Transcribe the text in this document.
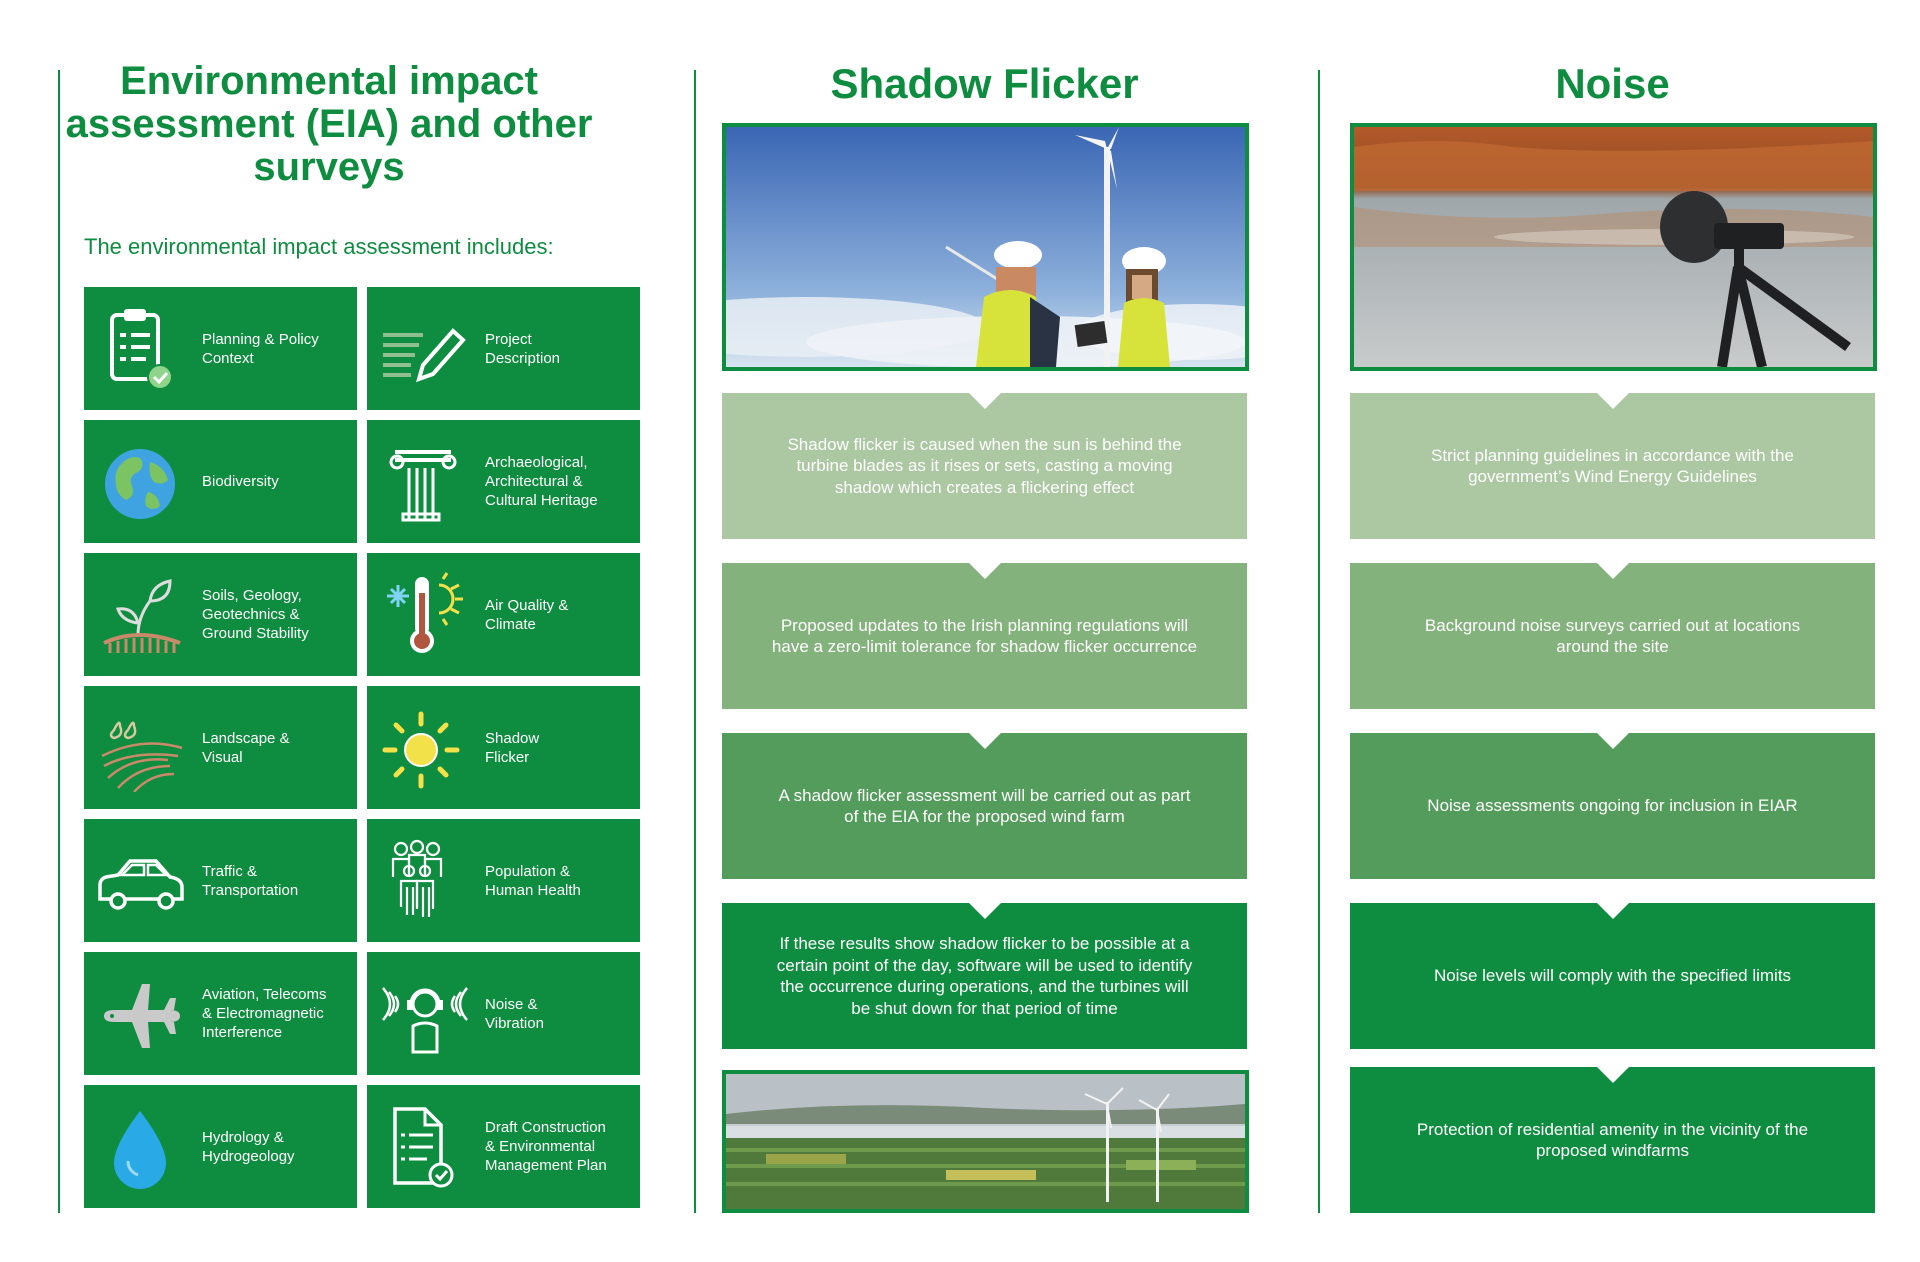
Environmental impact assessment (EIA) and other surveys

The environmental impact assessment includes:

Planning & Policy
Context
Project
Description
Biodiversity
Archaeological,
Architectural &
Cultural Heritage
Soils, Geology,
Geotechnics &
Ground Stability
Air Quality &
Climate
Landscape &
Visual
Shadow
Flicker
Traffic &
Transportation
Population &
Human Health
Aviation, Telecoms
& Electromagnetic
Interference
Noise &
Vibration
Hydrology &
Hydrogeology
Draft Construction
& Environmental
Management Plan
Shadow Flicker
Shadow flicker is caused when the sun is behind the turbine blades as it rises or sets, casting a moving shadow which creates a flickering effect
Proposed updates to the Irish planning regulations will have a zero-limit tolerance for shadow flicker occurrence
A shadow flicker assessment will be carried out as part of the EIA for the proposed wind farm
If these results show shadow flicker to be possible at a certain point of the day, software will be used to identify the occurrence during operations, and the turbines will be shut down for that period of time
Noise
Strict planning guidelines in accordance with the government’s Wind Energy Guidelines
Background noise surveys carried out at locations around the site
Noise assessments ongoing for inclusion in EIAR
Noise levels will comply with the specified limits
Protection of residential amenity in the vicinity of the proposed windfarms
